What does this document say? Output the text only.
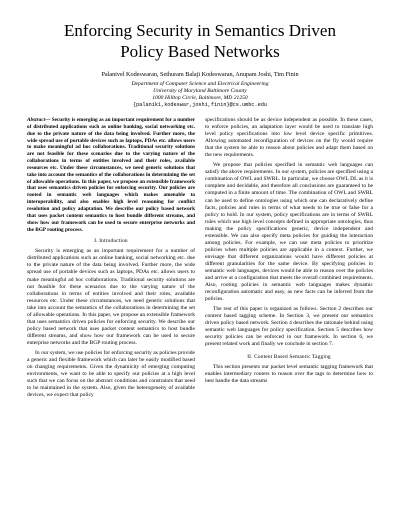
Enforcing Security in Semantics Driven Policy Based Networks
Palanivel Kodeswaran, Sethuram Balaji Kodeswaran, Anupam Joshi, Tim Finin
Department of Computer Science and Electrical Engineering
University of Maryland Baltimore County
1000 Hilltop Circle, Baltimore, MD 21250
{palanik1,kodeswar,joshi,finin}@cs.umbc.edu

Abstract— Security is emerging as an important requirement for a number of distributed applications such as online banking, social networking etc. due to the private nature of the data being involved. Further more, the wide spread use of portable devices such as laptops, PDAs etc. allows users to make meaningful ad hoc collaborations. Traditional security solutions are not feasible for these scenarios due to the varying nature of the collaborations in terms of entities involved and their roles, available resources etc. Under these circumstances, we need generic solutions that take into account the semantics of the collaborations in determining the set of allowable operations. In this paper, we propose an extensible framework that uses semantics driven policies for enforcing security. Our policies are rooted in semantic web languages which makes amenable to interoperability, and also enables high level reasoning for conflict resolution and policy adaptation. We describe our policy based network that uses packet content semantics to host bundle different streams, and show how our framework can be used to secure enterprise networks and the BGP routing process.

I. Introduction

Security is emerging as an important requirement for a number of distributed applications such as online banking, social networking etc. due to the private nature of the data being involved. Further more, the wide spread use of portable devices such as laptops, PDAs etc. allows users to make meaningful ad hoc collaborations. Traditional security solutions are not feasible for these scenarios due to the varying nature of the collaborations in terms of entities involved and their roles, available resources etc. Under these circumstances, we need generic solutions that take into account the semantics of the collaborations in determining the set of allowable operations. In this paper, we propose an extensible framework that uses semantics driven policies for enforcing security. We describe our policy based network that uses packet content semantics to host bundle different streams, and show how our framework can be used to secure enterprise networks and the BGP routing process.

In our system, we use policies for enforcing security as policies provide a generic and flexible framework which can later be easily modified based on changing requirements. Given the dynamicity of emerging computing environments, we want to be able to specify our policies at a high level such that we can focus on the abstract conditions and constraints that need to be maintained in the system. Also, given the heterogeneity of available devices, we expect that policy

specifications should be as device independent as possible. In these cases, to enforce policies, an adaptation layer would be used to translate high level policy specifications into low level device specific primitives. Allowing automated reconfiguration of devices on the fly would require that the system be able to reason about policies and adapt them based on the new requirements.

We propose that policies specified in semantic web languages can satisfy the above requirements. In our system, policies are specified using a combination of OWL and SWRL. In particular, we choose OWL DL as it is complete and decidable, and therefore all conclusions are guaranteed to be computed in a finite amount of time. The combination of OWL and SWRL can be used to define ontologies using which one can declaratively define facts, policies and rules in terms of what needs to be true or false for a policy to hold. In our system, policy specifications are in terms of SWRL rules which use high level concepts defined in appropriate ontologies, thus making the policy specifications generic, device independent and extensible. We can also specify meta policies for guiding the interaction among policies. For example, we can use meta policies to prioritize policies when multiple policies are applicable in a context. Further, we envisage that different organizations would have different policies at different granularities for the same device. By specifying policies in semantic web languages, devices would be able to reason over the policies and arrive at a configuration that meets the overall combined requirements. Also, rooting policies in semantic web languages makes dynamic reconfiguration automatic and easy, as new facts can be inferred from the policies.

The rest of this paper is organized as follows. Section 2 describes our content based tagging scheme. In Section 3, we present our semantics driven policy based network. Section 4 describes the rationale behind using semantic web languages for policy specification. Section 5 describes how security policies can be enforced in our framework. In section 6, we present related work and finally we conclude in section 7.

II. Content Based Semantic Tagging

This section presents our packet level semantic tagging framework that enables intermediary routers to reason over the tags to determine how to best handle the data streams
